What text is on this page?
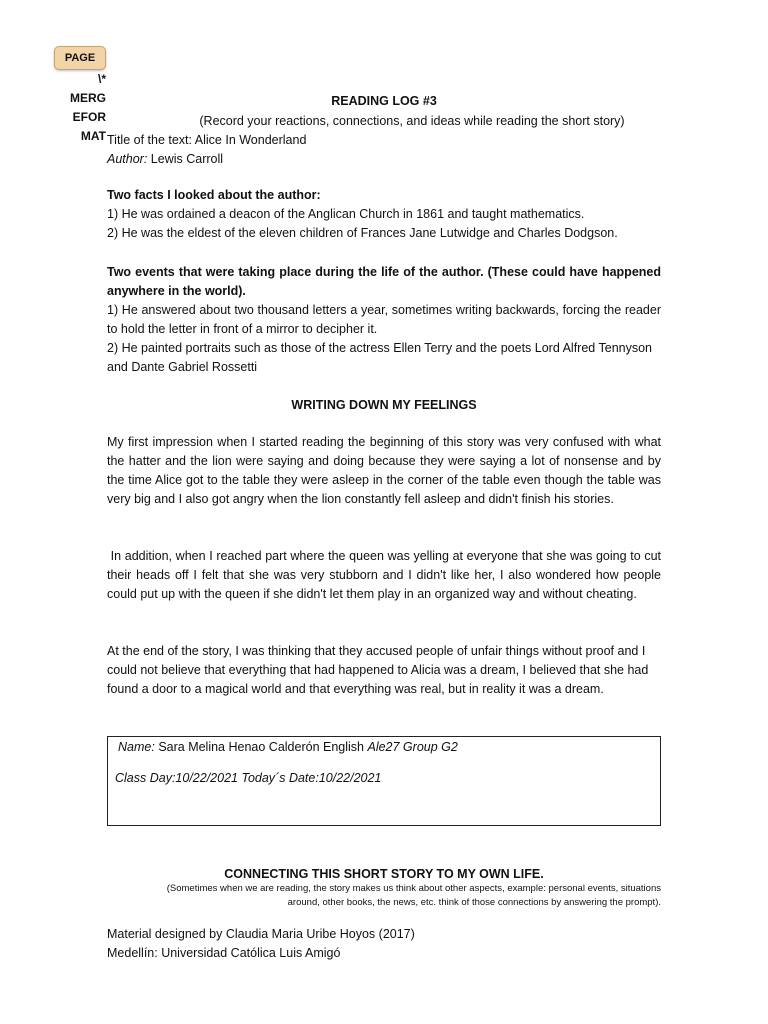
PAGE
\*
MERG
EFOR
MAT

READING LOG #3

(Record your reactions, connections, and ideas while reading the short story)

Title of the text: Alice In Wonderland

Author: Lewis Carroll

Two facts I looked about the author:

1) He was ordained a deacon of the Anglican Church in 1861 and taught mathematics.

2) He was the eldest of the eleven children of Frances Jane Lutwidge and Charles Dodgson.

Two events that were taking place during the life of the author. (These could have happened anywhere in the world).

1) He answered about two thousand letters a year, sometimes writing backwards, forcing the reader to hold the letter in front of a mirror to decipher it.

2) He painted portraits such as those of the actress Ellen Terry and the poets Lord Alfred Tennyson and Dante Gabriel Rossetti

WRITING DOWN MY FEELINGS
My first impression when I started reading the beginning of this story was very confused with what the hatter and the lion were saying and doing because they were saying a lot of nonsense and by the time Alice got to the table they were asleep in the corner of the table even though the table was very big and I also got angry when the lion constantly fell asleep and didn't finish his stories.
In addition, when I reached part where the queen was yelling at everyone that she was going to cut their heads off I felt that she was very stubborn and I didn't like her, I also wondered how people could put up with the queen if she didn't let them play in an organized way and without cheating.
At the end of the story, I was thinking that they accused people of unfair things without proof and I could not believe that everything that had happened to Alicia was a dream, I believed that she had found a door to a magical world and that everything was real, but in reality it was a dream.

Name: Sara Melina Henao Calderón English Ale27 Group G2

Class Day:10/22/2021 Today´s Date:10/22/2021

CONNECTING THIS SHORT STORY TO MY OWN LIFE.
(Sometimes when we are reading, the story makes us think about other aspects, example: personal events, situations
around, other books, the news, etc. think of those connections by answering the prompt).

Material designed by Claudia Maria Uribe Hoyos (2017)

Medellín: Universidad Católica Luis Amigó
